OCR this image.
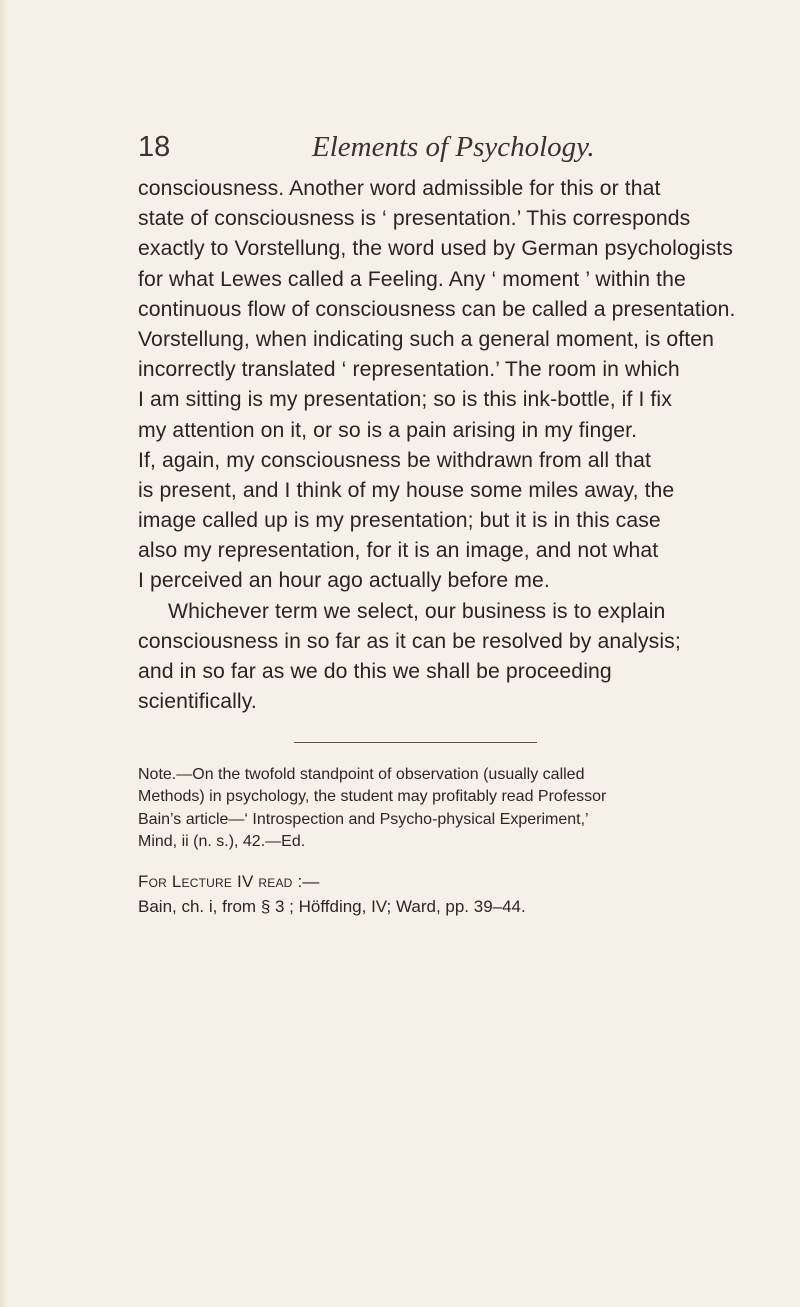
18	Elements of Psychology.
consciousness. Another word admissible for this or that
state of consciousness is ‘ presentation.’ This corresponds
exactly to Vorstellung, the word used by German psychologists
for what Lewes called a Feeling. Any ‘ moment ’ within the
continuous flow of consciousness can be called a presentation.
Vorstellung, when indicating such a general moment, is often
incorrectly translated ‘ representation.’ The room in which
I am sitting is my presentation; so is this ink-bottle, if I fix
my attention on it, or so is a pain arising in my finger.
If, again, my consciousness be withdrawn from all that
is present, and I think of my house some miles away, the
image called up is my presentation; but it is in this case
also my representation, for it is an image, and not what
I perceived an hour ago actually before me.
Whichever term we select, our business is to explain
consciousness in so far as it can be resolved by analysis;
and in so far as we do this we shall be proceeding
scientifically.
Note.—On the twofold standpoint of observation (usually called
Methods) in psychology, the student may profitably read Professor
Bain’s article—‘ Introspection and Psycho-physical Experiment,’
Mind, ii (n. s.), 42.—Ed.
For Lecture IV read :—
Bain, ch. i, from § 3 ; Höffding, IV; Ward, pp. 39–44.
